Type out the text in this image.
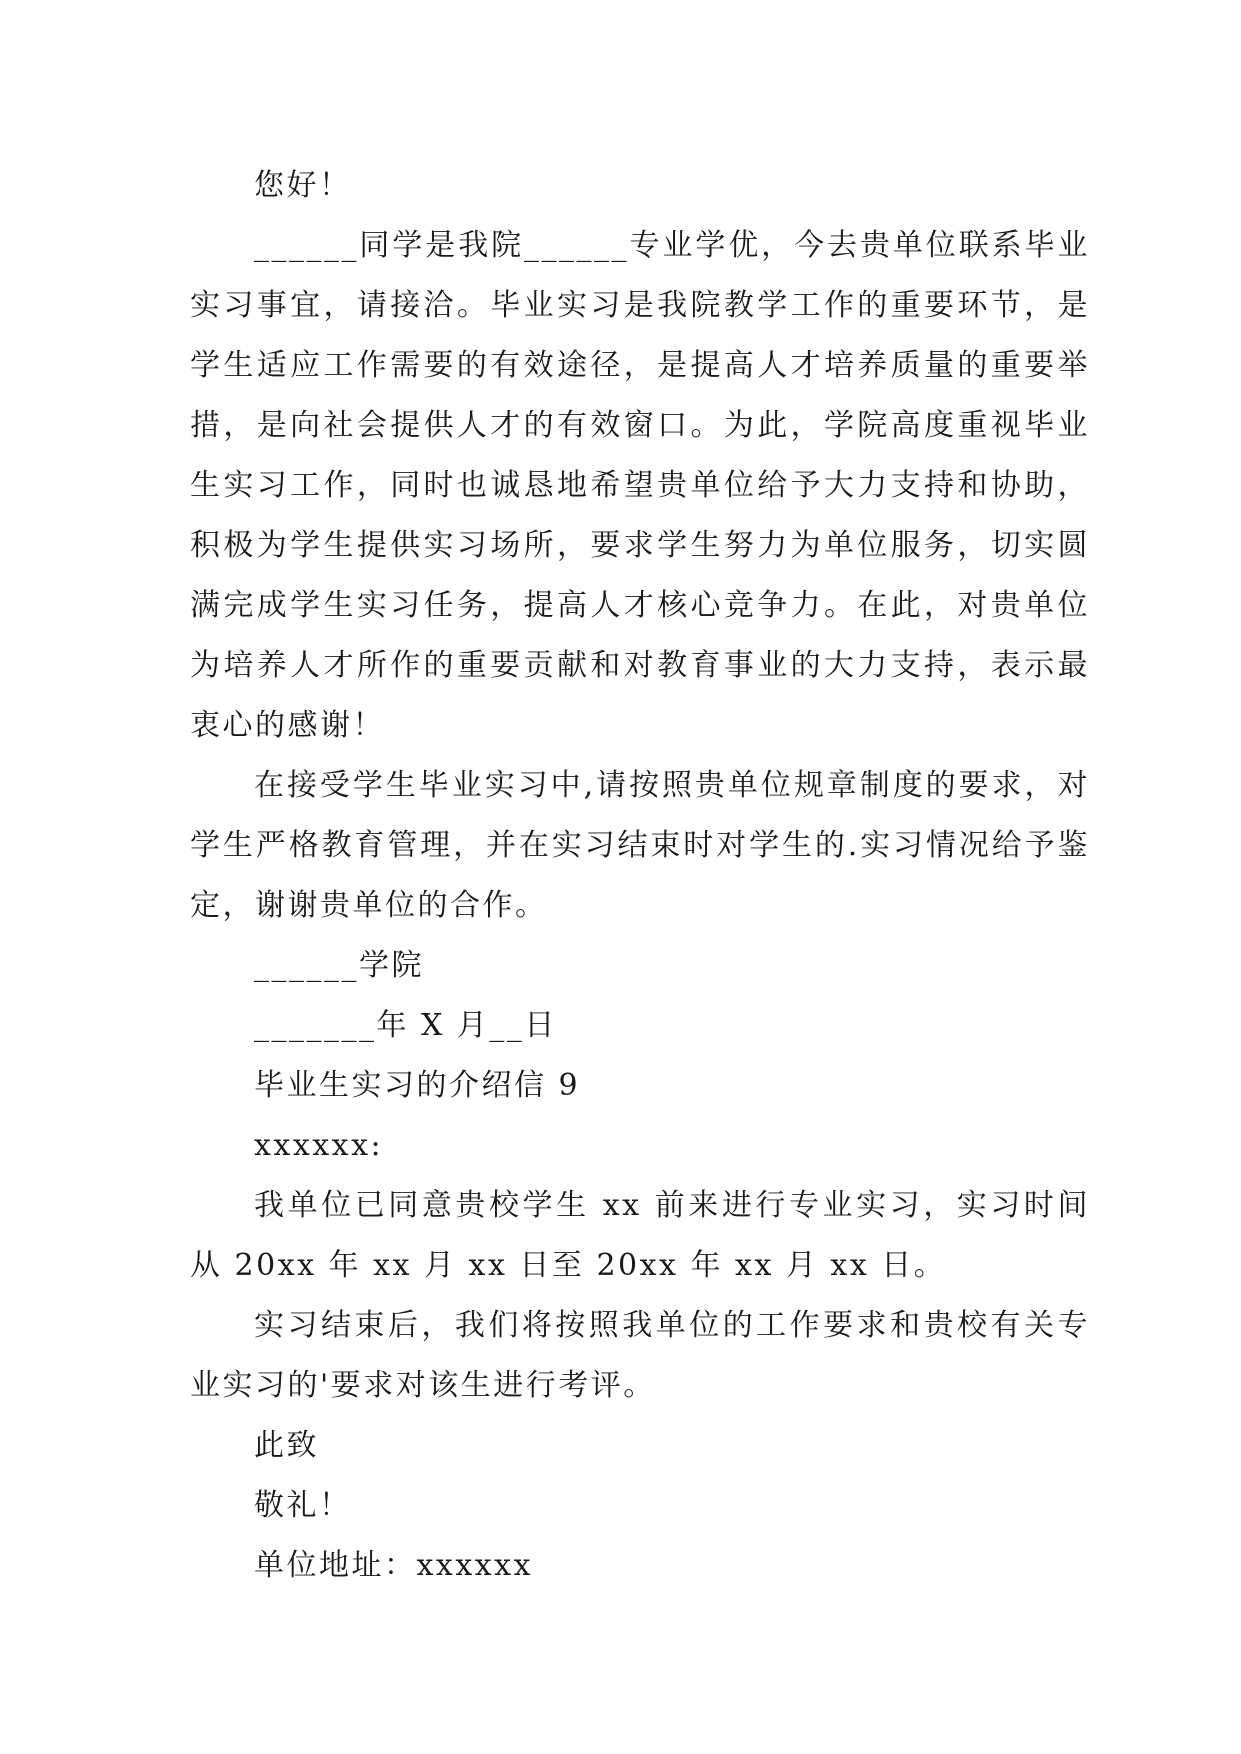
您好！

______同学是我院______专业学优，今去贵单位联系毕业实习事宜，请接洽。毕业实习是我院教学工作的重要环节，是学生适应工作需要的有效途径，是提高人才培养质量的重要举措，是向社会提供人才的有效窗口。为此，学院高度重视毕业生实习工作，同时也诚恳地希望贵单位给予大力支持和协助，积极为学生提供实习场所，要求学生努力为单位服务，切实圆满完成学生实习任务，提高人才核心竞争力。在此，对贵单位为培养人才所作的重要贡献和对教育事业的大力支持，表示最衷心的感谢！

在接受学生毕业实习中,请按照贵单位规章制度的要求，对学生严格教育管理，并在实习结束时对学生的.实习情况给予鉴定，谢谢贵单位的合作。

______学院

_______年 X 月__日

毕业生实习的介绍信 9

xxxxxx:

我单位已同意贵校学生 xx 前来进行专业实习，实习时间从 20xx 年 xx 月 xx 日至 20xx 年 xx 月 xx 日。

实习结束后，我们将按照我单位的工作要求和贵校有关专业实习的'要求对该生进行考评。

此致

敬礼！

单位地址：xxxxxx
